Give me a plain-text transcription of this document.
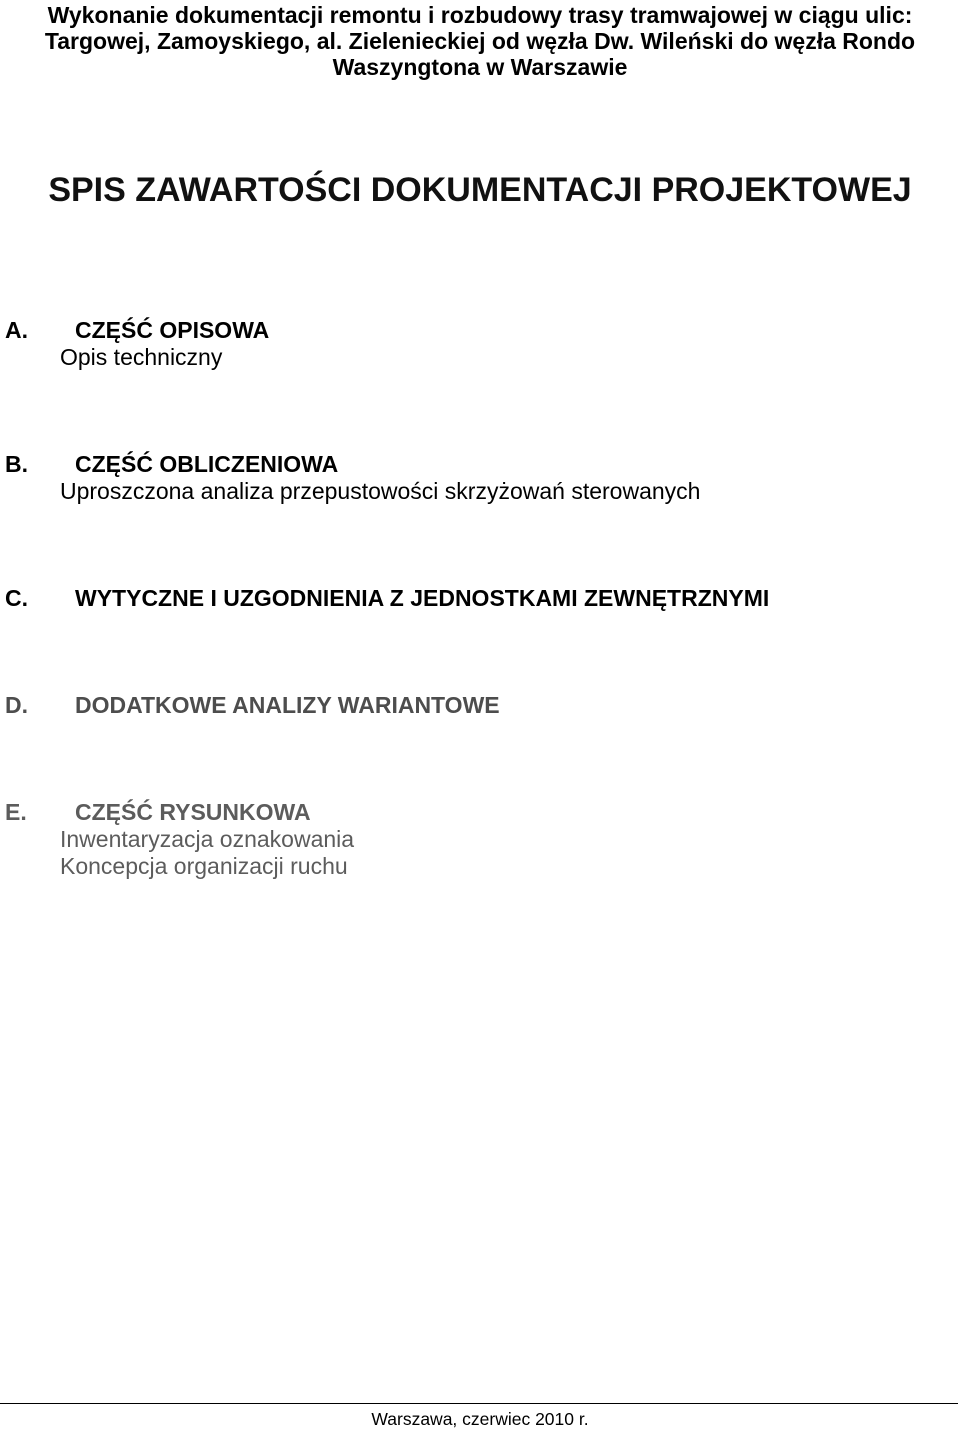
Wykonanie dokumentacji remontu i rozbudowy trasy tramwajowej w ciągu ulic:
Targowej, Zamoyskiego, al. Zielenieckiej od węzła Dw. Wileński do węzła Rondo
Waszyngtona w Warszawie
SPIS ZAWARTOŚCI DOKUMENTACJI PROJEKTOWEJ
A. CZĘŚĆ OPISOWA
Opis techniczny
B. CZĘŚĆ OBLICZENIOWA
Uproszczona analiza przepustowości skrzyżowań sterowanych
C. WYTYCZNE I UZGODNIENIA Z JEDNOSTKAMI ZEWNĘTRZNYMI
D. DODATKOWE ANALIZY WARIANTOWE
E. CZĘŚĆ RYSUNKOWA
Inwentaryzacja oznakowania
Koncepcja organizacji ruchu
Warszawa, czerwiec 2010 r.
